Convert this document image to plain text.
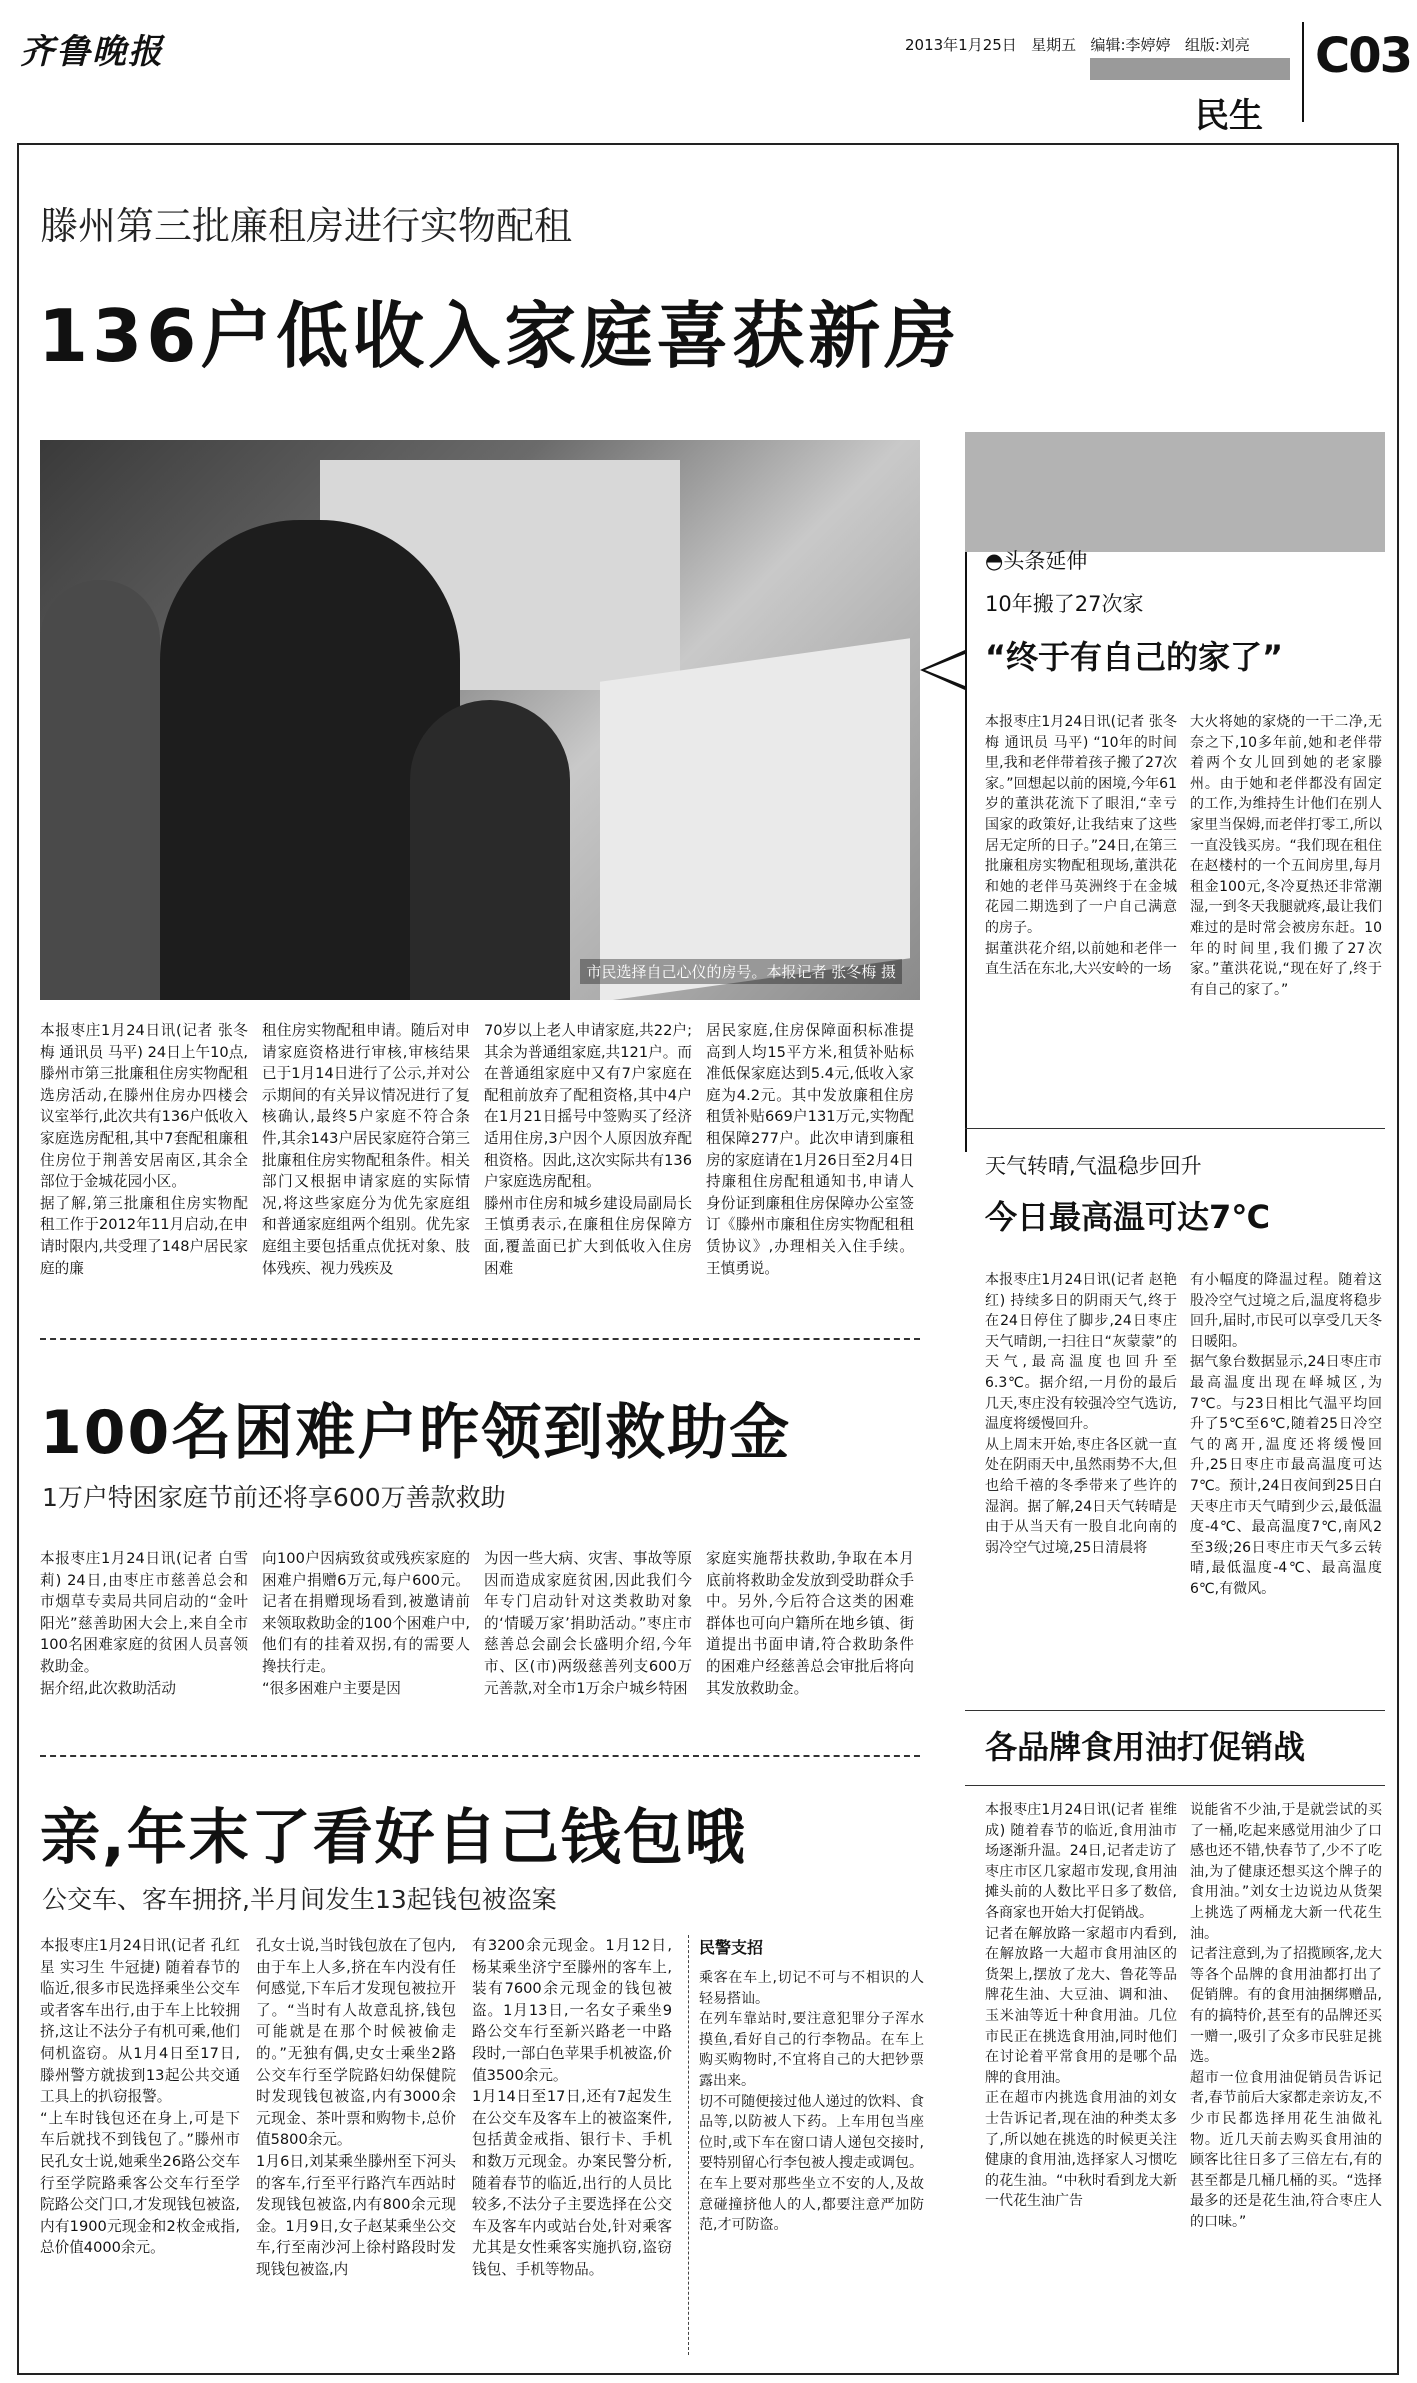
齐鲁晚报	2013年1月25日 星期五 编辑:李婷婷 组版:刘亮 C03
民生
滕州第三批廉租房进行实物配租
136户低收入家庭喜获新房
市民选择自己心仪的房号。本报记者 张冬梅 摄
本报枣庄1月24日讯(记者 张冬梅 通讯员 马平) 24日上午10点,滕州市第三批廉租住房实物配租选房活动,在滕州住房办四楼会议室举行,此次共有136户低收入家庭选房配租,其中7套配租廉租住房位于荆善安居南区,其余全部位于金城花园小区。
据了解,第三批廉租住房实物配租工作于2012年11月启动,在申请时限内,共受理了148户居民家庭的廉
租住房实物配租申请。随后对申请家庭资格进行审核,审核结果已于1月14日进行了公示,并对公示期间的有关异议情况进行了复核确认,最终5户家庭不符合条件,其余143户居民家庭符合第三批廉租住房实物配租条件。相关部门又根据申请家庭的实际情况,将这些家庭分为优先家庭组和普通家庭组两个组别。优先家庭组主要包括重点优抚对象、肢体残疾、视力残疾及
70岁以上老人申请家庭,共22户;其余为普通组家庭,共121户。而在普通组家庭中又有7户家庭在配租前放弃了配租资格,其中4户在1月21日摇号中签购买了经济适用住房,3户因个人原因放弃配租资格。因此,这次实际共有136户家庭选房配租。
滕州市住房和城乡建设局副局长王慎勇表示,在廉租住房保障方面,覆盖面已扩大到低收入住房困难
居民家庭,住房保障面积标准提高到人均15平方米,租赁补贴标准低保家庭达到5.4元,低收入家庭为4.2元。其中发放廉租住房租赁补贴669户131万元,实物配租保障277户。此次申请到廉租房的家庭请在1月26日至2月4日持廉租住房配租通知书,申请人身份证到廉租住房保障办公室签订《滕州市廉租住房实物配租租赁协议》,办理相关入住手续。王慎勇说。
◓头条延伸
10年搬了27次家
“终于有自己的家了”
本报枣庄1月24日讯(记者 张冬梅 通讯员 马平) “10年的时间里,我和老伴带着孩子搬了27次家。”回想起以前的困境,今年61岁的董洪花流下了眼泪,“幸亏国家的政策好,让我结束了这些居无定所的日子。”24日,在第三批廉租房实物配租现场,董洪花和她的老伴马英洲终于在金城花园二期选到了一户自己满意的房子。
据董洪花介绍,以前她和老伴一直生活在东北,大兴安岭的一场
大火将她的家烧的一干二净,无奈之下,10多年前,她和老伴带着两个女儿回到她的老家滕州。由于她和老伴都没有固定的工作,为维持生计他们在别人家里当保姆,而老伴打零工,所以一直没钱买房。“我们现在租住在赵楼村的一个五间房里,每月租金100元,冬冷夏热还非常潮湿,一到冬天我腿就疼,最让我们难过的是时常会被房东赶。10年的时间里,我们搬了27次家。”董洪花说,“现在好了,终于有自己的家了。”
天气转晴,气温稳步回升
今日最高温可达7℃
本报枣庄1月24日讯(记者 赵艳红) 持续多日的阴雨天气,终于在24日停住了脚步,24日枣庄天气晴朗,一扫往日“灰蒙蒙”的天气,最高温度也回升至6.3℃。据介绍,一月份的最后几天,枣庄没有较强冷空气选访,温度将缓慢回升。
从上周末开始,枣庄各区就一直处在阴雨天中,虽然雨势不大,但也给千禧的冬季带来了些许的湿润。据了解,24日天气转晴是由于从当天有一股自北向南的弱冷空气过境,25日清晨将
有小幅度的降温过程。随着这股冷空气过境之后,温度将稳步回升,届时,市民可以享受几天冬日暖阳。
据气象台数据显示,24日枣庄市最高温度出现在峄城区,为7℃。与23日相比气温平均回升了5℃至6℃,随着25日冷空气的离开,温度还将缓慢回升,25日枣庄市最高温度可达7℃。预计,24日夜间到25日白天枣庄市天气晴到少云,最低温度-4℃、最高温度7℃,南风2至3级;26日枣庄市天气多云转晴,最低温度-4℃、最高温度6℃,有微风。
各品牌食用油打促销战
本报枣庄1月24日讯(记者 崔维成) 随着春节的临近,食用油市场逐渐升温。24日,记者走访了枣庄市区几家超市发现,食用油摊头前的人数比平日多了数倍,各商家也开始大打促销战。
记者在解放路一家超市内看到,在解放路一大超市食用油区的货架上,摆放了龙大、鲁花等品牌花生油、大豆油、调和油、玉米油等近十种食用油。几位市民正在挑选食用油,同时他们在讨论着平常食用的是哪个品牌的食用油。
正在超市内挑选食用油的刘女士告诉记者,现在油的种类太多了,所以她在挑选的时候更关注健康的食用油,选择家人习惯吃的花生油。“中秋时看到龙大新一代花生油广告
说能省不少油,于是就尝试的买了一桶,吃起来感觉用油少了口感也还不错,快春节了,少不了吃油,为了健康还想买这个牌子的食用油。”刘女士边说边从货架上挑选了两桶龙大新一代花生油。
记者注意到,为了招揽顾客,龙大等各个品牌的食用油都打出了促销牌。有的食用油捆绑赠品,有的搞特价,甚至有的品牌还买一赠一,吸引了众多市民驻足挑选。
超市一位食用油促销员告诉记者,春节前后大家都走亲访友,不少市民都选择用花生油做礼物。近几天前去购买食用油的顾客比往日多了三倍左右,有的甚至都是几桶几桶的买。“选择最多的还是花生油,符合枣庄人的口味。”
100名困难户昨领到救助金
1万户特困家庭节前还将享600万善款救助
本报枣庄1月24日讯(记者 白雪莉) 24日,由枣庄市慈善总会和市烟草专卖局共同启动的“金叶阳光”慈善助困大会上,来自全市100名困难家庭的贫困人员喜领救助金。
据介绍,此次救助活动
向100户因病致贫或残疾家庭的困难户捐赠6万元,每户600元。记者在捐赠现场看到,被邀请前来领取救助金的100个困难户中,他们有的挂着双拐,有的需要人搀扶行走。
“很多困难户主要是因
为因一些大病、灾害、事故等原因而造成家庭贫困,因此我们今年专门启动针对这类救助对象的‘情暖万家’捐助活动。”枣庄市慈善总会副会长盛明介绍,今年市、区(市)两级慈善列支600万元善款,对全市1万余户城乡特困
家庭实施帮扶救助,争取在本月底前将救助金发放到受助群众手中。另外,今后符合这类的困难群体也可向户籍所在地乡镇、街道提出书面申请,符合救助条件的困难户经慈善总会审批后将向其发放救助金。
亲,年末了看好自己钱包哦
公交车、客车拥挤,半月间发生13起钱包被盗案
本报枣庄1月24日讯(记者 孔红星 实习生 牛冠捷) 随着春节的临近,很多市民选择乘坐公交车或者客车出行,由于车上比较拥挤,这让不法分子有机可乘,他们伺机盗窃。从1月4日至17日,滕州警方就拔到13起公共交通工具上的扒窃报警。
“上车时钱包还在身上,可是下车后就找不到钱包了。”滕州市民孔女士说,她乘坐26路公交车行至学院路乘客公交车行至学院路公交门口,才发现钱包被盗,内有1900元现金和2枚金戒指,总价值4000余元。
孔女士说,当时钱包放在了包内,由于车上人多,挤在车内没有任何感觉,下车后才发现包被拉开了。“当时有人故意乱挤,钱包可能就是在那个时候被偷走的。”无独有偶,史女士乘坐2路公交车行至学院路妇幼保健院时发现钱包被盗,内有3000余元现金、茶叶票和购物卡,总价值5800余元。
1月6日,刘某乘坐滕州至下河头的客车,行至平行路汽车西站时发现钱包被盗,内有800余元现金。1月9日,女子赵某乘坐公交车,行至南沙河上徐村路段时发现钱包被盗,内
有3200余元现金。1月12日,杨某乘坐济宁至滕州的客车上,装有7600余元现金的钱包被盗。1月13日,一名女子乘坐9路公交车行至新兴路老一中路段时,一部白色苹果手机被盗,价值3500余元。
1月14日至17日,还有7起发生在公交车及客车上的被盗案件,包括黄金戒指、银行卡、手机和数万元现金。办案民警分析,随着春节的临近,出行的人员比较多,不法分子主要选择在公交车及客车内或站台处,针对乘客尤其是女性乘客实施扒窃,盗窃钱包、手机等物品。
民警支招
乘客在车上,切记不可与不相识的人轻易搭讪。
在列车靠站时,要注意犯罪分子浑水摸鱼,看好自己的行李物品。在车上购买购物时,不宜将自己的大把钞票露出来。
切不可随便接过他人递过的饮料、食品等,以防被人下药。上车用包当座位时,或下车在窗口请人递包交接时,要特别留心行李包被人搜走或调包。
在车上要对那些坐立不安的人,及故意碰撞挤他人的人,都要注意严加防范,才可防盗。
